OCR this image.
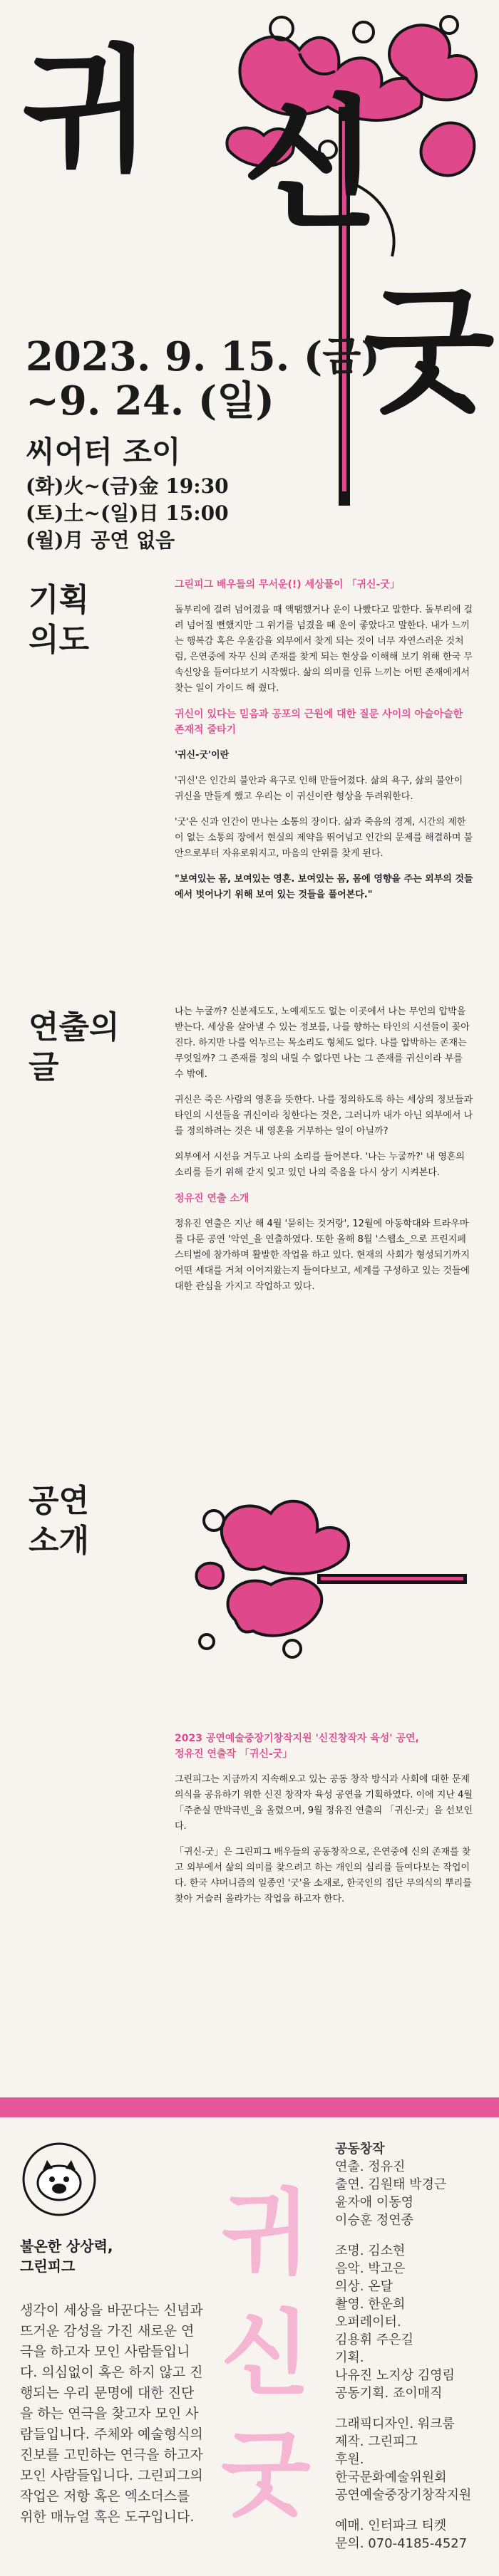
신
굿
귀
2023. 9. 15. (금)
~9. 24. (일)
씨어터 조이
(화)火~(금)金 19:30
(토)土~(일)日 15:00
(월)月 공연 없음
기획
의도
그린피그 배우들의 무서운(!) 세상풀이 「귀신-굿」

돌부리에 걸려 넘어졌을 때 액땜했거나 운이 나빴다고 말한다. 돌부리에 걸려 넘어질 뻔했지만 그 위기를 넘겼을 때 운이 좋았다고 말한다. 내가 느끼는 행복감 혹은 우울감을 외부에서 찾게 되는 것이 너무 자연스러운 것처럼, 은연중에 자꾸 신의 존재를 찾게 되는 현상을 이해해 보기 위해 한국 무속신앙을 들여다보기 시작했다. 삶의 의미를 인류 느끼는 어떤 존재에게서 찾는 일이 가이드 해 줬다.

귀신이 있다는 믿음과 공포의 근원에 대한 질문 사이의 아슬아슬한 존재적 줄타기

'귀신-굿'이란

'귀신'은 인간의 불안과 욕구로 인해 만들어졌다. 삶의 욕구, 삶의 불안이 귀신을 만들게 했고 우리는 이 귀신이란 형상을 두려워한다.

'굿'은 신과 인간이 만나는 소통의 장이다. 삶과 죽음의 경계, 시간의 제한이 없는 소통의 장에서 현실의 제약을 뛰어넘고 인간의 문제를 해결하며 불안으로부터 자유로워지고, 마음의 안위를 찾게 된다.

"보여있는 몸, 보여있는 영혼. 보여있는 몸, 몸에 영향을 주는 외부의 것들에서 벗어나기 위해 보여 있는 것들을 풀어본다."

연출의
글

나는 누굴까? 신분제도도, 노예제도도 없는 이곳에서 나는 무언의 압박을 받는다. 세상을 살아낼 수 있는 정보를, 나를 향하는 타인의 시선들이 꽂아진다. 하지만 나를 억누르는 목소리도 형체도 없다. 나를 압박하는 존재는 무엇일까? 그 존재를 정의 내릴 수 없다면 나는 그 존재를 귀신이라 부를 수 밖에.

귀신은 죽은 사람의 영혼을 뜻한다. 나를 정의하도록 하는 세상의 정보들과 타인의 시선들을 귀신이라 칭한다는 것은, 그러니까 내가 아닌 외부에서 나를 정의하려는 것은 내 영혼을 거부하는 일이 아닐까?

외부에서 시선을 거두고 나의 소리를 들어본다. '나는 누굴까?' 내 영혼의 소리를 듣기 위해 갇지 잊고 있던 나의 죽음을 다시 상기 시켜본다.

정유진 연출 소개

정유진 연출은 지난 해 4월 '묻히는 것거랑', 12월에 아동학대와 트라우마를 다룬 공연 '악연_을 연출하였다. 또한 올해 8월 '스웹소_으로 프린지페스티벌에 참가하며 활발한 작업을 하고 있다. 현재의 사회가 형성되기까지 어떤 세대를 거쳐 이어져왔는지 들여다보고, 세계를 구성하고 있는 것들에 대한 관심을 가지고 작업하고 있다.

공연
소개
2023 공연예술중장기창작지원 '신진창작자 육성' 공연,
정유진 연출작 「귀신-굿」

그린피그는 지금까지 지속해오고 있는 공동 창작 방식과 사회에 대한 문제의식을 공유하기 위한 신진 창작자 육성 공연을 기획하였다. 이에 지난 4월 「주춘실 만박극빈_을 올렸으며, 9월 정유진 연출의 「귀신-굿」을 선보인다.

「귀신-굿」은 그린피그 배우들의 공동창작으로, 은연중에 신의 존재를 찾고 외부에서 삶의 의미를 찾으려고 하는 개인의 심리를 들여다보는 작업이다. 한국 샤머니즘의 일종인 '굿'을 소재로, 한국인의 집단 무의식의 뿌리를 찾아 거슬러 올라가는 작업을 하고자 한다.

불온한 상상력,
그린피그
생각이 세상을 바꾼다는 신념과 뜨거운 감성을 가진 새로운 연극을 하고자 모인 사람들입니다. 의심없이 혹은 하지 않고 진행되는 우리 문명에 대한 진단을 하는 연극을 찾고자 모인 사람들입니다. 주체와 예술형식의 진보를 고민하는 연극을 하고자 모인 사람들입니다. 그린피그의 작업은 저항 혹은 엑소더스를 위한 매뉴얼 혹은 도구입니다.
귀
신
굿
공동창작
연출. 정유진
출연. 김원태 박경근
윤자애 이동영
이승훈 정연종
조명. 김소현
음악. 박고은
의상. 온달
촬영. 한운희
오퍼레이터.
김용휘 주은길
기획.
나유진 노지상 김영림
공동기획. 죠이매직
그래픽디자인. 워크룸
제작. 그린피그
후원.
한국문화예술위원회
공연예술중장기창작지원
예매. 인터파크 티켓
문의. 070-4185-4527
